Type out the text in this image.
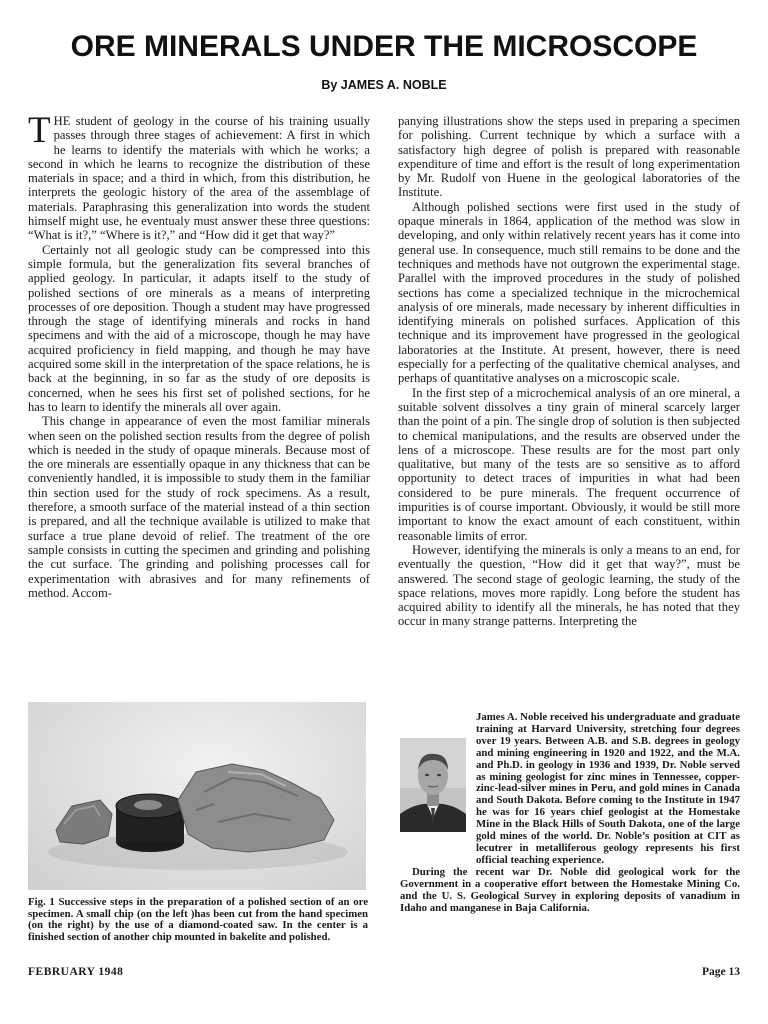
ORE MINERALS UNDER THE MICROSCOPE

By JAMES A. NOBLE

THE student of geology in the course of his training usually passes through three stages of achievement: A first in which he learns to identify the materials with which he works; a second in which he learns to recognize the distribution of these materials in space; and a third in which, from this distribution, he interprets the geologic history of the area of the assemblage of materials. Paraphrasing this generalization into words the student himself might use, he eventualy must answer these three questions: “What is it?,” “Where is it?,” and “How did it get that way?”

Certainly not all geologic study can be compressed into this simple formula, but the generalization fits several branches of applied geology. In particular, it adapts itself to the study of polished sections of ore minerals as a means of interpreting processes of ore deposition. Though a student may have progressed through the stage of identifying minerals and rocks in hand specimens and with the aid of a microscope, though he may have acquired proficiency in field mapping, and though he may have acquired some skill in the interpretation of the space relations, he is back at the beginning, in so far as the study of ore deposits is concerned, when he sees his first set of polished sections, for he has to learn to identify the minerals all over again.

This change in appearance of even the most familiar minerals when seen on the polished section results from the degree of polish which is needed in the study of opaque minerals. Because most of the ore minerals are essentially opaque in any thickness that can be conveniently handled, it is impossible to study them in the familiar thin section used for the study of rock specimens. As a result, therefore, a smooth surface of the material instead of a thin section is prepared, and all the technique available is utilized to make that surface a true plane devoid of relief. The treatment of the ore sample consists in cutting the specimen and grinding and polishing the cut surface. The grinding and polishing processes call for experimentation with abrasives and for many refinements of method. Accom-

panying illustrations show the steps used in preparing a specimen for polishing. Current technique by which a surface with a satisfactory high degree of polish is prepared with reasonable expenditure of time and effort is the result of long experimentation by Mr. Rudolf von Huene in the geological laboratories of the Institute.

Although polished sections were first used in the study of opaque minerals in 1864, application of the method was slow in developing, and only within relatively recent years has it come into general use. In consequence, much still remains to be done and the techniques and methods have not outgrown the experimental stage. Parallel with the improved procedures in the study of polished sections has come a specialized technique in the microchemical analysis of ore minerals, made necessary by inherent difficulties in identifying minerals on polished surfaces. Application of this technique and its improvement have progressed in the geological laboratories at the Institute. At present, however, there is need especially for a perfecting of the qualitative chemical analyses, and perhaps of quantitative analyses on a microscopic scale.

In the first step of a microchemical analysis of an ore mineral, a suitable solvent dissolves a tiny grain of mineral scarcely larger than the point of a pin. The single drop of solution is then subjected to chemical manipulations, and the results are observed under the lens of a microscope. These results are for the most part only qualitative, but many of the tests are so sensitive as to afford opportunity to detect traces of impurities in what had been considered to be pure minerals. The frequent occurrence of impurities is of course important. Obviously, it would be still more important to know the exact amount of each constituent, within reasonable limits of error.

However, identifying the minerals is only a means to an end, for eventually the question, “How did it get that way?”, must be answered. The second stage of geologic learning, the study of the space relations, moves more rapidly. Long before the student has acquired ability to identify all the minerals, he has noted that they occur in many strange patterns. Interpreting the

Fig. 1 Successive steps in the preparation of a polished section of an ore specimen. A small chip (on the left )has been cut from the hand specimen (on the right) by the use of a diamond-coated saw. In the center is a finished section of another chip mounted in bakelite and polished.

James A. Noble received his undergraduate and graduate training at Harvard University, stretching four degrees over 19 years. Between A.B. and S.B. degrees in geology and mining engineering in 1920 and 1922, and the M.A. and Ph.D. in geology in 1936 and 1939, Dr. Noble served as mining geologist for zinc mines in Tennessee, copper-zinc-lead-silver mines in Peru, and gold mines in Canada and South Dakota. Before coming to the Institute in 1947 he was for 16 years chief geologist at the Homestake Mine in the Black Hills of South Dakota, one of the large gold mines of the world. Dr. Noble’s position at CIT as lecutrer in metalliferous geology represents his first official teaching experience.

During the recent war Dr. Noble did geological work for the Government in a cooperative effort between the Homestake Mining Co. and the U. S. Geological Survey in exploring deposits of vanadium in Idaho and manganese in Baja California.

FEBRUARY 1948	Page 13
